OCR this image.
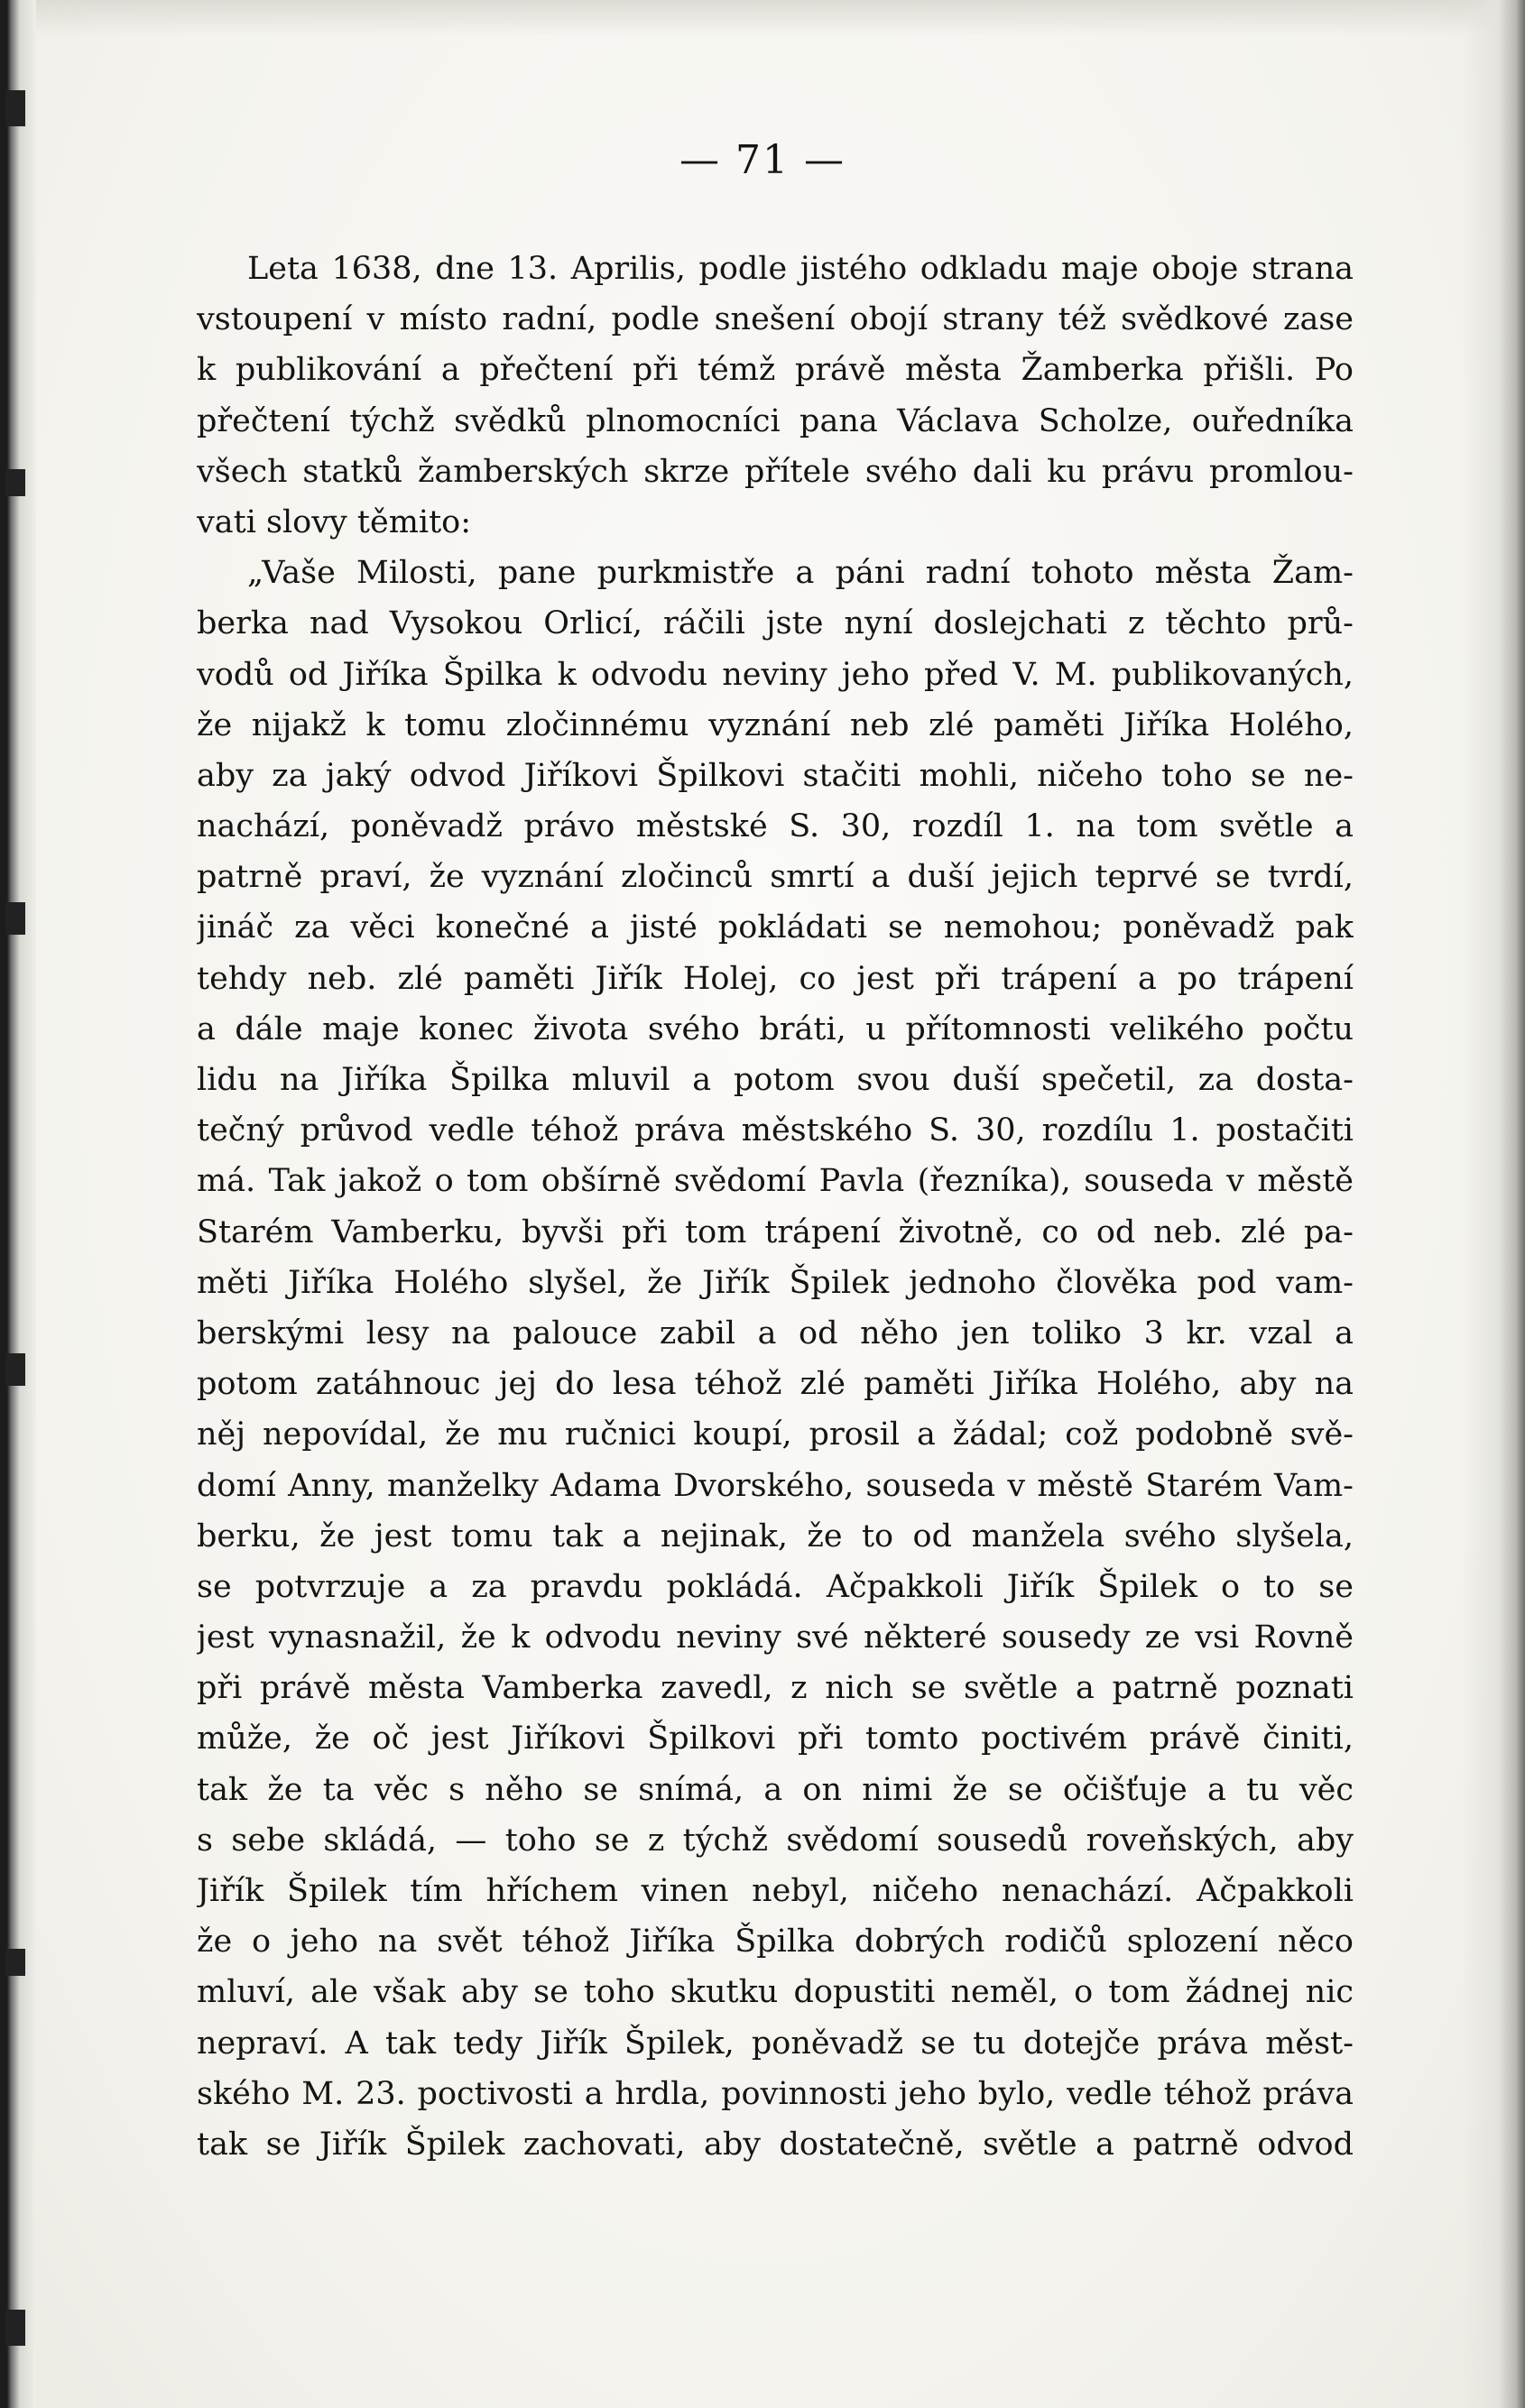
— 71 —
Leta 1638, dne 13. Aprilis, podle jistého odkladu maje oboje strana
vstoupení v místo radní, podle snešení obojí strany též svědkové zase
k publikování a přečtení při témž právě města Žamberka přišli. Po
přečtení týchž svědků plnomocníci pana Václava Scholze, ouředníka
všech statků žamberských skrze přítele svého dali ku právu promlou-
vati slovy těmito:
„Vaše Milosti, pane purkmistře a páni radní tohoto města Žam-
berka nad Vysokou Orlicí, ráčili jste nyní doslejchati z těchto prů-
vodů od Jiříka Špilka k odvodu neviny jeho před V. M. publikovaných,
že nijakž k tomu zločinnému vyznání neb zlé paměti Jiříka Holého,
aby za jaký odvod Jiříkovi Špilkovi stačiti mohli, ničeho toho se ne-
nachází, poněvadž právo městské S. 30, rozdíl 1. na tom světle a
patrně praví, že vyznání zločinců smrtí a duší jejich teprvé se tvrdí,
jináč za věci konečné a jisté pokládati se nemohou; poněvadž pak
tehdy neb. zlé paměti Jiřík Holej, co jest při trápení a po trápení
a dále maje konec života svého bráti, u přítomnosti velikého počtu
lidu na Jiříka Špilka mluvil a potom svou duší spečetil, za dosta-
tečný průvod vedle téhož práva městského S. 30, rozdílu 1. postačiti
má. Tak jakož o tom obšírně svědomí Pavla (řezníka), souseda v městě
Starém Vamberku, byvši při tom trápení životně, co od neb. zlé pa-
měti Jiříka Holého slyšel, že Jiřík Špilek jednoho člověka pod vam-
berskými lesy na palouce zabil a od něho jen toliko 3 kr. vzal a
potom zatáhnouc jej do lesa téhož zlé paměti Jiříka Holého, aby na
něj nepovídal, že mu ručnici koupí, prosil a žádal; což podobně svě-
domí Anny, manželky Adama Dvorského, souseda v městě Starém Vam-
berku, že jest tomu tak a nejinak, že to od manžela svého slyšela,
se potvrzuje a za pravdu pokládá. Ačpakkoli Jiřík Špilek o to se
jest vynasnažil, že k odvodu neviny své některé sousedy ze vsi Rovně
při právě města Vamberka zavedl, z nich se světle a patrně poznati
může, že oč jest Jiříkovi Špilkovi při tomto poctivém právě činiti,
tak že ta věc s něho se snímá, a on nimi že se očišťuje a tu věc
s sebe skládá, — toho se z týchž svědomí sousedů roveňských, aby
Jiřík Špilek tím hříchem vinen nebyl, ničeho nenachází. Ačpakkoli
že o jeho na svět téhož Jiříka Špilka dobrých rodičů splození něco
mluví, ale však aby se toho skutku dopustiti neměl, o tom žádnej nic
nepraví. A tak tedy Jiřík Špilek, poněvadž se tu dotejče práva měst-
ského M. 23. poctivosti a hrdla, povinnosti jeho bylo, vedle téhož práva
tak se Jiřík Špilek zachovati, aby dostatečně, světle a patrně odvod
